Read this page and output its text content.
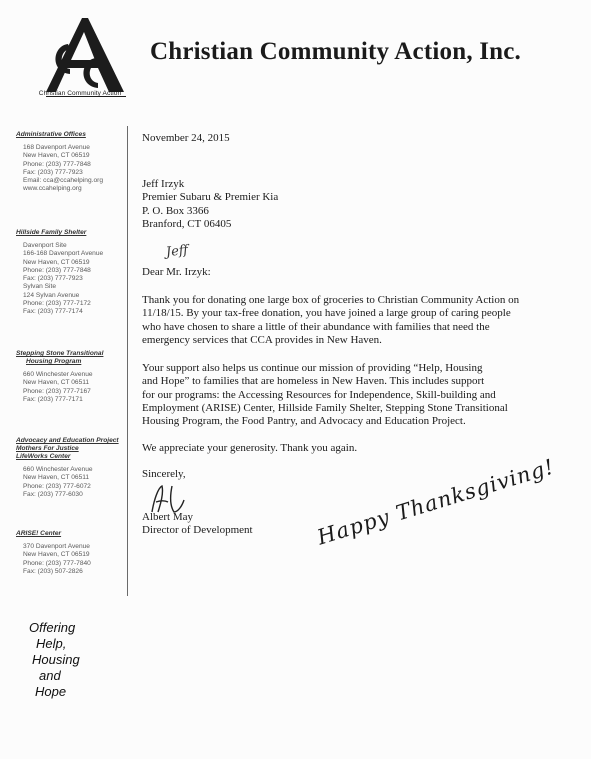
Christian Community Action
Christian Community Action, Inc.
Administrative Offices
168 Davenport Avenue
New Haven, CT 06519
Phone: (203) 777-7848
Fax: (203) 777-7923
Email: cca@ccahelping.org
www.ccahelping.org
Hillside Family Shelter
Davenport Site
166-168 Davenport Avenue
New Haven, CT 06519
Phone: (203) 777-7848
Fax: (203) 777-7923
Sylvan Site
124 Sylvan Avenue
Phone: (203) 777-7172
Fax: (203) 777-7174
Stepping Stone Transitional
Housing Program
660 Winchester Avenue
New Haven, CT 06511
Phone: (203) 777-7167
Fax: (203) 777-7171
Advocacy and Education Project
Mothers For Justice
LifeWorks Center
660 Winchester Avenue
New Haven, CT 06511
Phone: (203) 777-6072
Fax: (203) 777-6030
ARISE! Center
370 Davenport Avenue
New Haven, CT 06519
Phone: (203) 777-7840
Fax: (203) 507-2826
Offering
Help,
Housing
and
Hope
November 24, 2015
Jeff Irzyk
Premier Subaru & Premier Kia
P. O. Box 3366
Branford, CT 06405
Jeff
Dear Mr. Irzyk:
Thank you for donating one large box of groceries to Christian Community Action on
11/18/15. By your tax-free donation, you have joined a large group of caring people
who have chosen to share a little of their abundance with families that need the
emergency services that CCA provides in New Haven.
Your support also helps us continue our mission of providing “Help, Housing
and Hope” to families that are homeless in New Haven. This includes support
for our programs: the Accessing Resources for Independence, Skill-building and
Employment (ARISE) Center, Hillside Family Shelter, Stepping Stone Transitional
Housing Program, the Food Pantry, and Advocacy and Education Project.
We appreciate your generosity. Thank you again.
Sincerely,
Albert May
Director of Development	Happy Thanksgiving!
